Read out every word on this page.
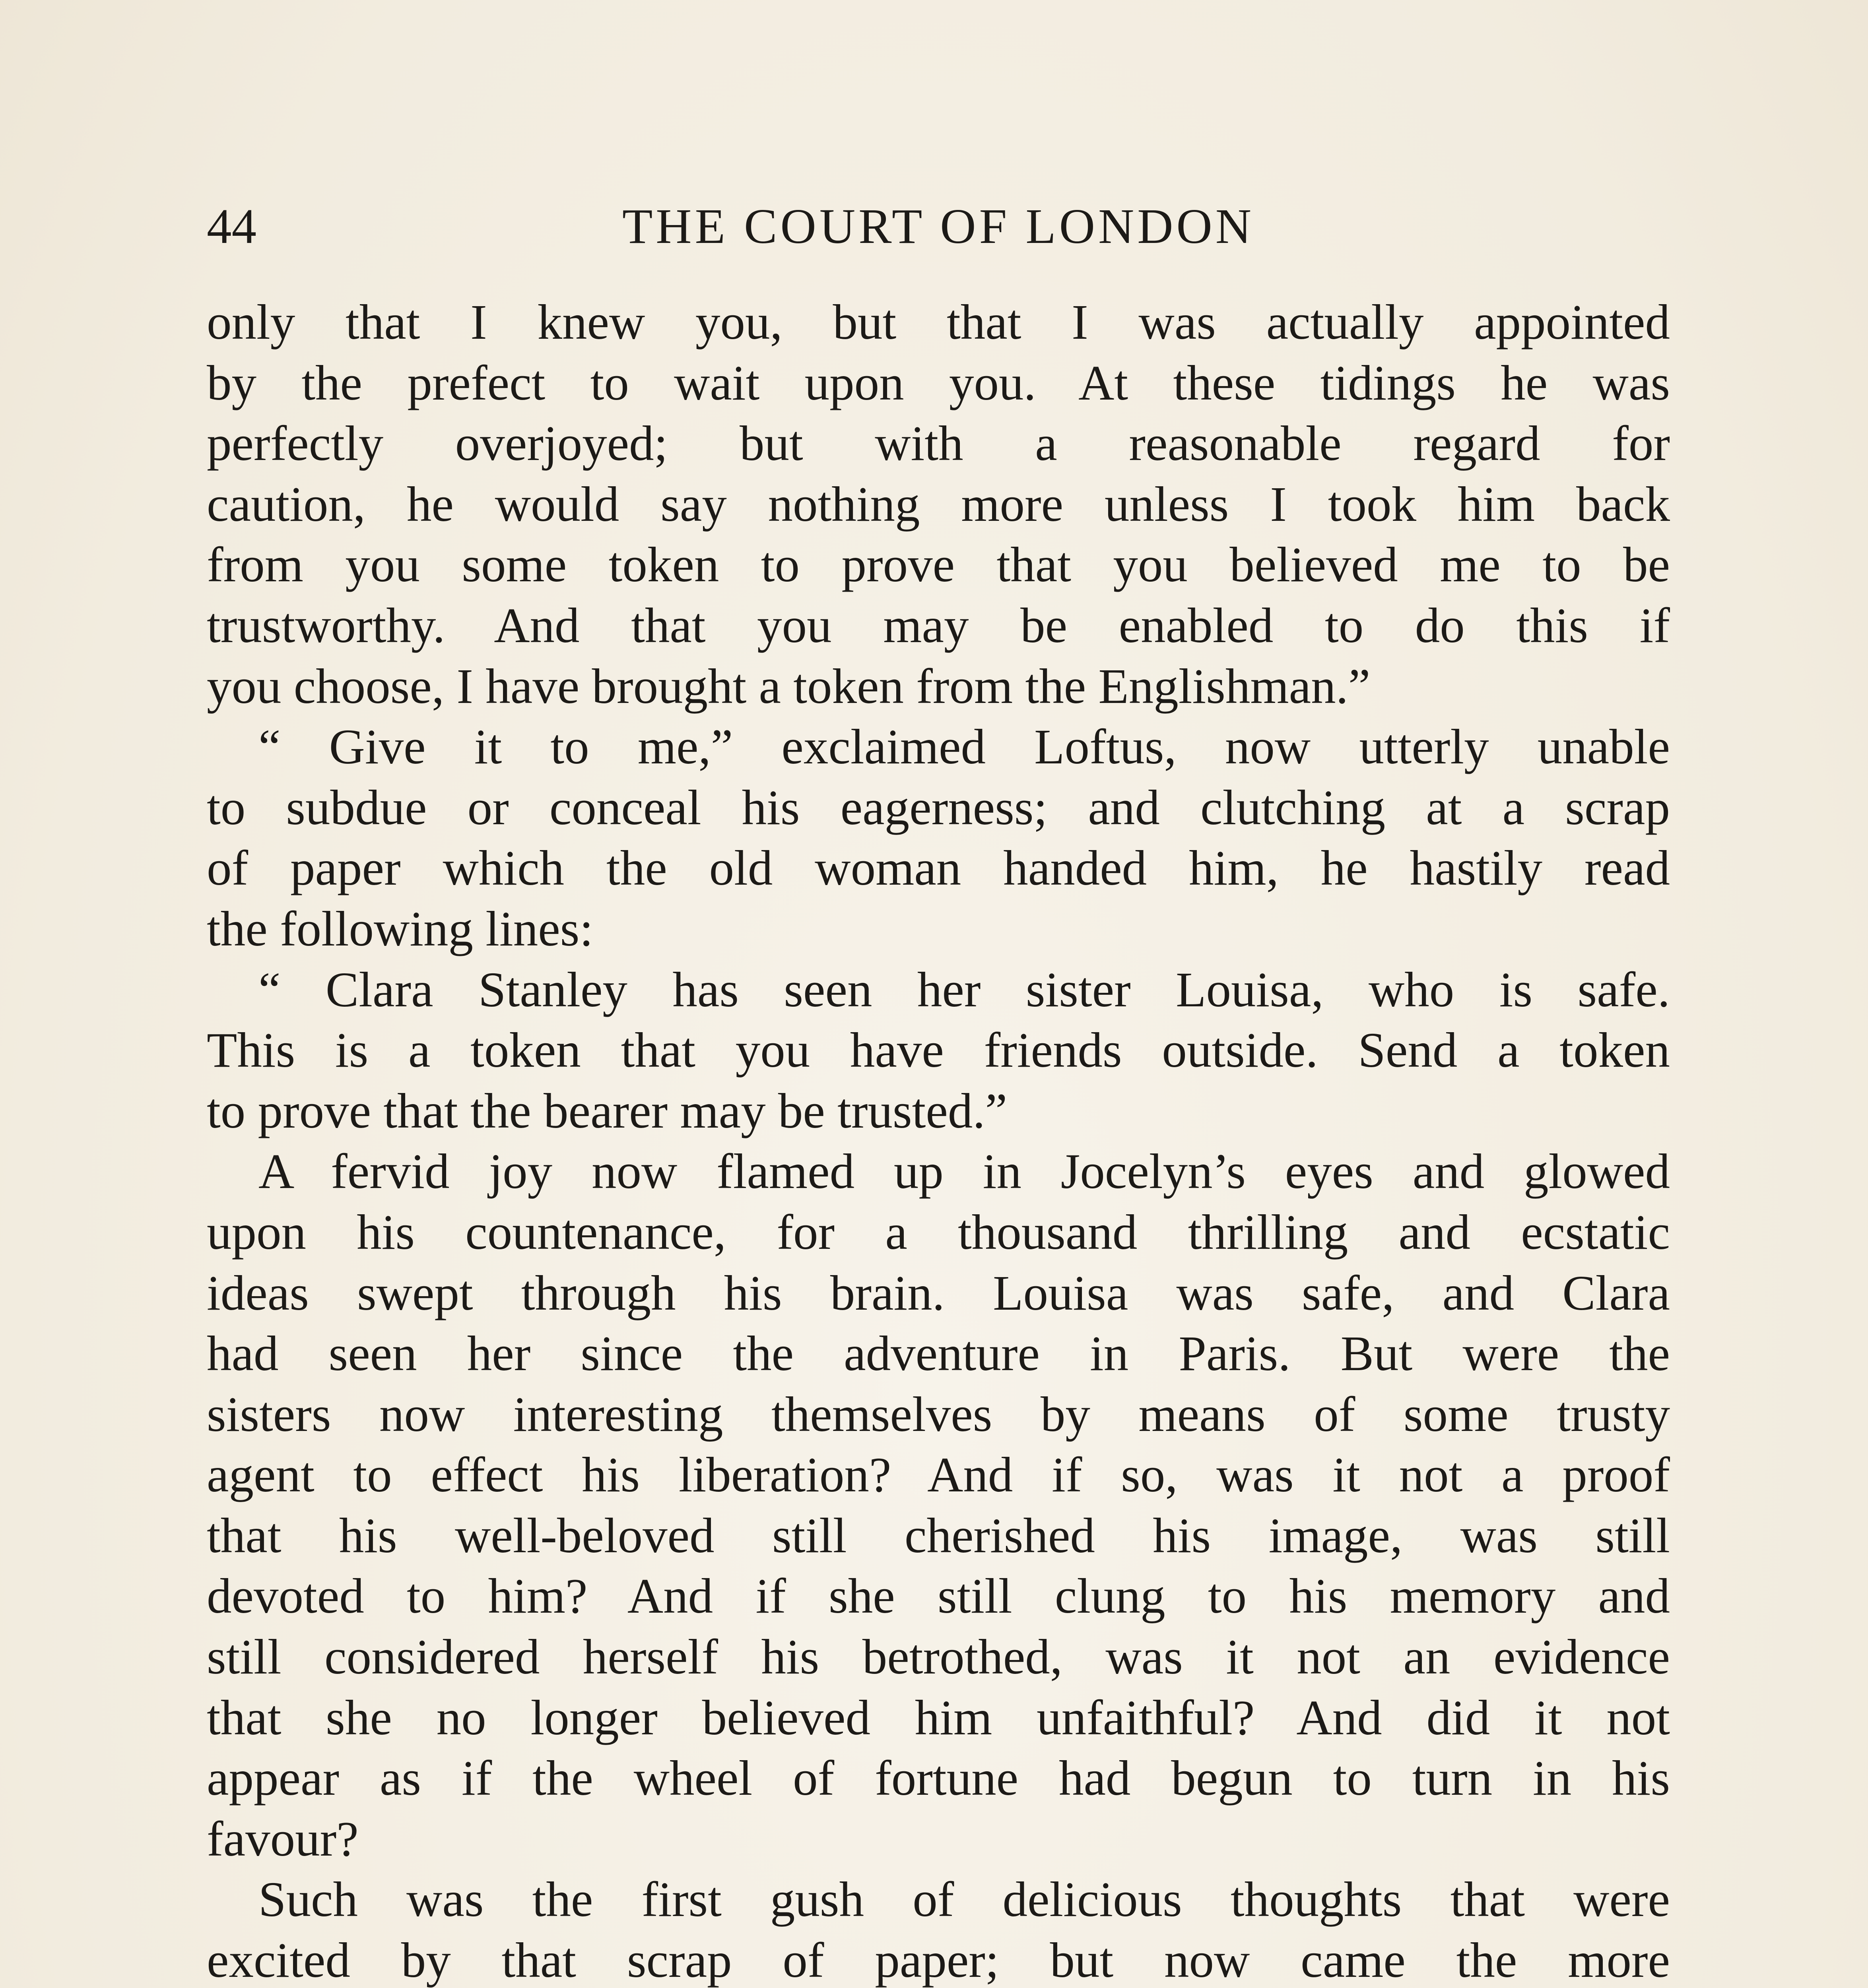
44	THE COURT OF LONDON
only that I knew you, but that I was actually appointed
by the prefect to wait upon you. At these tidings he was
perfectly overjoyed; but with a reasonable regard for
caution, he would say nothing more unless I took him back
from you some token to prove that you believed me to be
trustworthy. And that you may be enabled to do this if
you choose, I have brought a token from the Englishman.”
“ Give it to me,” exclaimed Loftus, now utterly unable
to subdue or conceal his eagerness; and clutching at a scrap
of paper which the old woman handed him, he hastily read
the following lines:
“ Clara Stanley has seen her sister Louisa, who is safe.
This is a token that you have friends outside. Send a token
to prove that the bearer may be trusted.”
A fervid joy now flamed up in Jocelyn’s eyes and glowed
upon his countenance, for a thousand thrilling and ecstatic
ideas swept through his brain. Louisa was safe, and Clara
had seen her since the adventure in Paris. But were the
sisters now interesting themselves by means of some trusty
agent to effect his liberation? And if so, was it not a proof
that his well-beloved still cherished his image, was still
devoted to him? And if she still clung to his memory and
still considered herself his betrothed, was it not an evidence
that she no longer believed him unfaithful? And did it not
appear as if the wheel of fortune had begun to turn in his
favour?
Such was the first gush of delicious thoughts that were
excited by that scrap of paper; but now came the more
